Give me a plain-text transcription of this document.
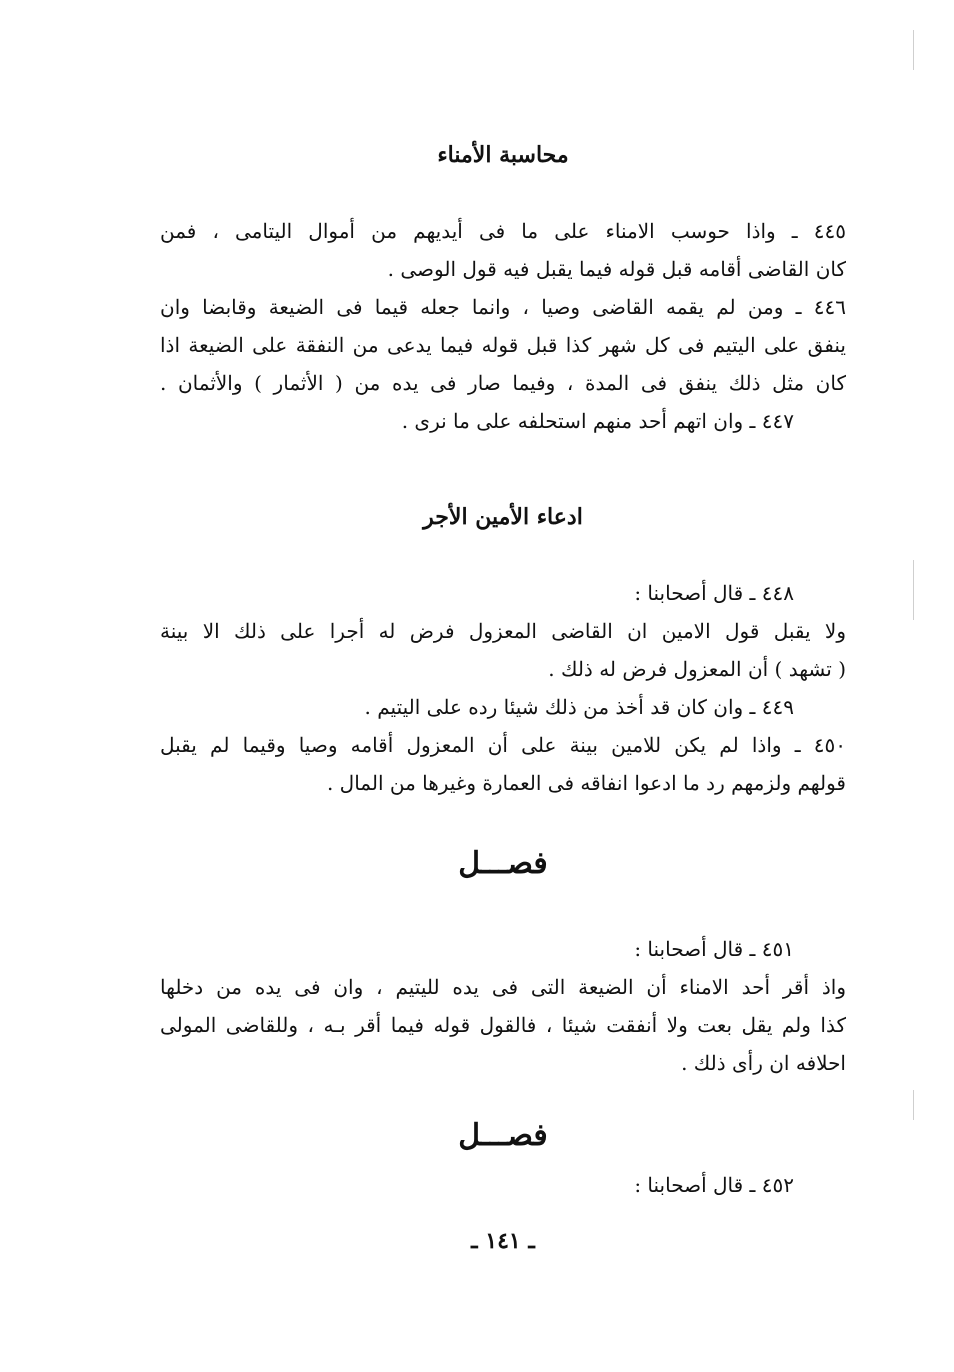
محاسبة الأمناء
٤٤٥ ـ واذا حوسب الامناء على ما فى أيديهم من أموال اليتامى ، فمن
كان القاضى أقامه قبل قوله فيما يقبل فيه قول الوصى .
٤٤٦ ـ ومن لم يقمه القاضى وصيا ، وانما جعله قيما فى الضيعة وقابضا وان
ينفق على اليتيم فى كل شهر كذا قبل قوله فيما يدعى من النفقة على الضيعة اذا
كان مثل ذلك ينفق فى المدة ، وفيما صار فى يده من ( الأثمار ) والأثمان .
٤٤٧ ـ وان اتهم أحد منهم استحلفه على ما نرى .
ادعاء الأمين الأجر
٤٤٨ ـ قال أصحابنا :
ولا يقبل قول الامين ان القاضى المعزول فرض له أجرا على ذلك الا بينة
( تشهد ) أن المعزول فرض له ذلك .
٤٤٩ ـ وان كان قد أخذ من ذلك شيئا رده على اليتيم .
٤٥٠ ـ واذا لم يكن للامين بينة على أن المعزول أقامه وصيا وقيما لم يقبل
قولهم ولزمهم رد ما ادعوا انفاقه فى العمارة وغيرها من المال .
فصـــل
٤٥١ ـ قال أصحابنا :
واذ أقر أحد الامناء أن الضيعة التى فى يده لليتيم ، وان فى يده من دخلها
كذا ولم يقل بعت ولا أنفقت شيئا ، فالقول قوله فيما أقر بـه ، وللقاضى المولى
احلافه ان رأى ذلك .
فصـــل
٤٥٢ ـ قال أصحابنا :
ـ ١٤١ ـ
